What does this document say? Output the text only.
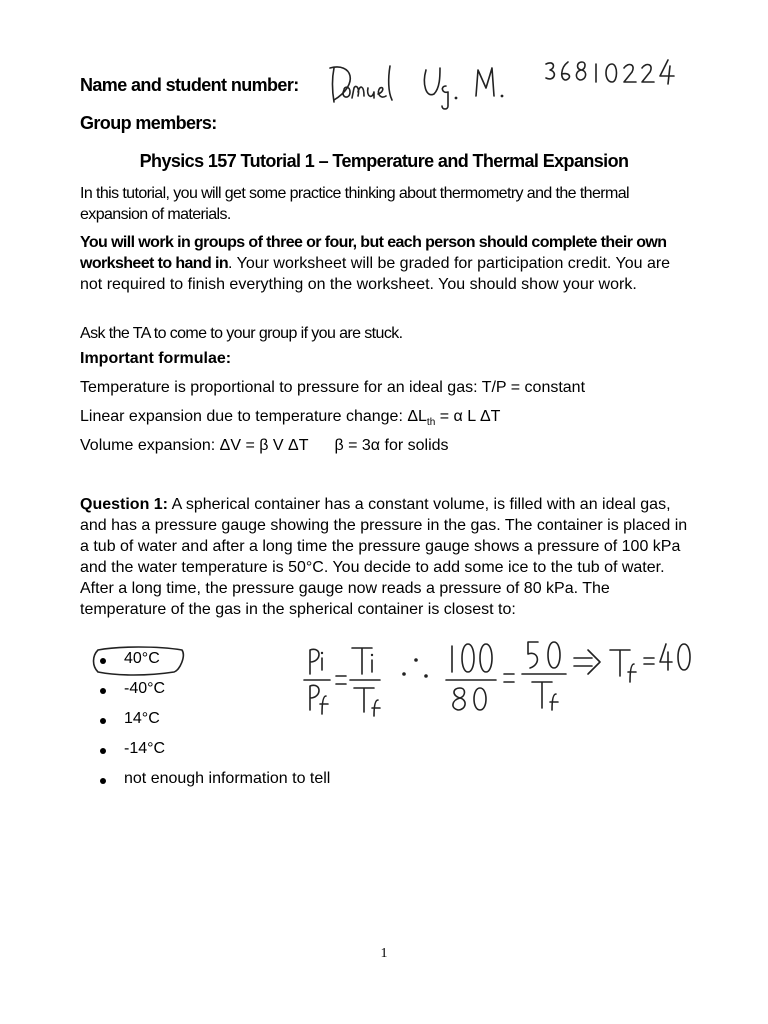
Name and student number:
Group members:
Physics 157 Tutorial 1 – Temperature and Thermal Expansion
In this tutorial, you will get some practice thinking about thermometry and the thermal expansion of materials.
You will work in groups of three or four, but each person should complete their own worksheet to hand in. Your worksheet will be graded for participation credit. You are not required to finish everything on the worksheet. You should show your work.
Ask the TA to come to your group if you are stuck.
Important formulae:
Temperature is proportional to pressure for an ideal gas: T/P = constant
Linear expansion due to temperature change: $\Delta L_{th} = \alpha$ L ΔT
Volume expansion: ΔV = β V ΔT β = 3α for solids
Question 1: A spherical container has a constant volume, is filled with an ideal gas, and has a pressure gauge showing the pressure in the gas. The container is placed in a tub of water and after a long time the pressure gauge shows a pressure of 100 kPa and the water temperature is 50°C. You decide to add some ice to the tub of water. After a long time, the pressure gauge now reads a pressure of 80 kPa. The temperature of the gas in the spherical container is closest to:
40°C
-40°C
14°C
-14°C
not enough information to tell
1
